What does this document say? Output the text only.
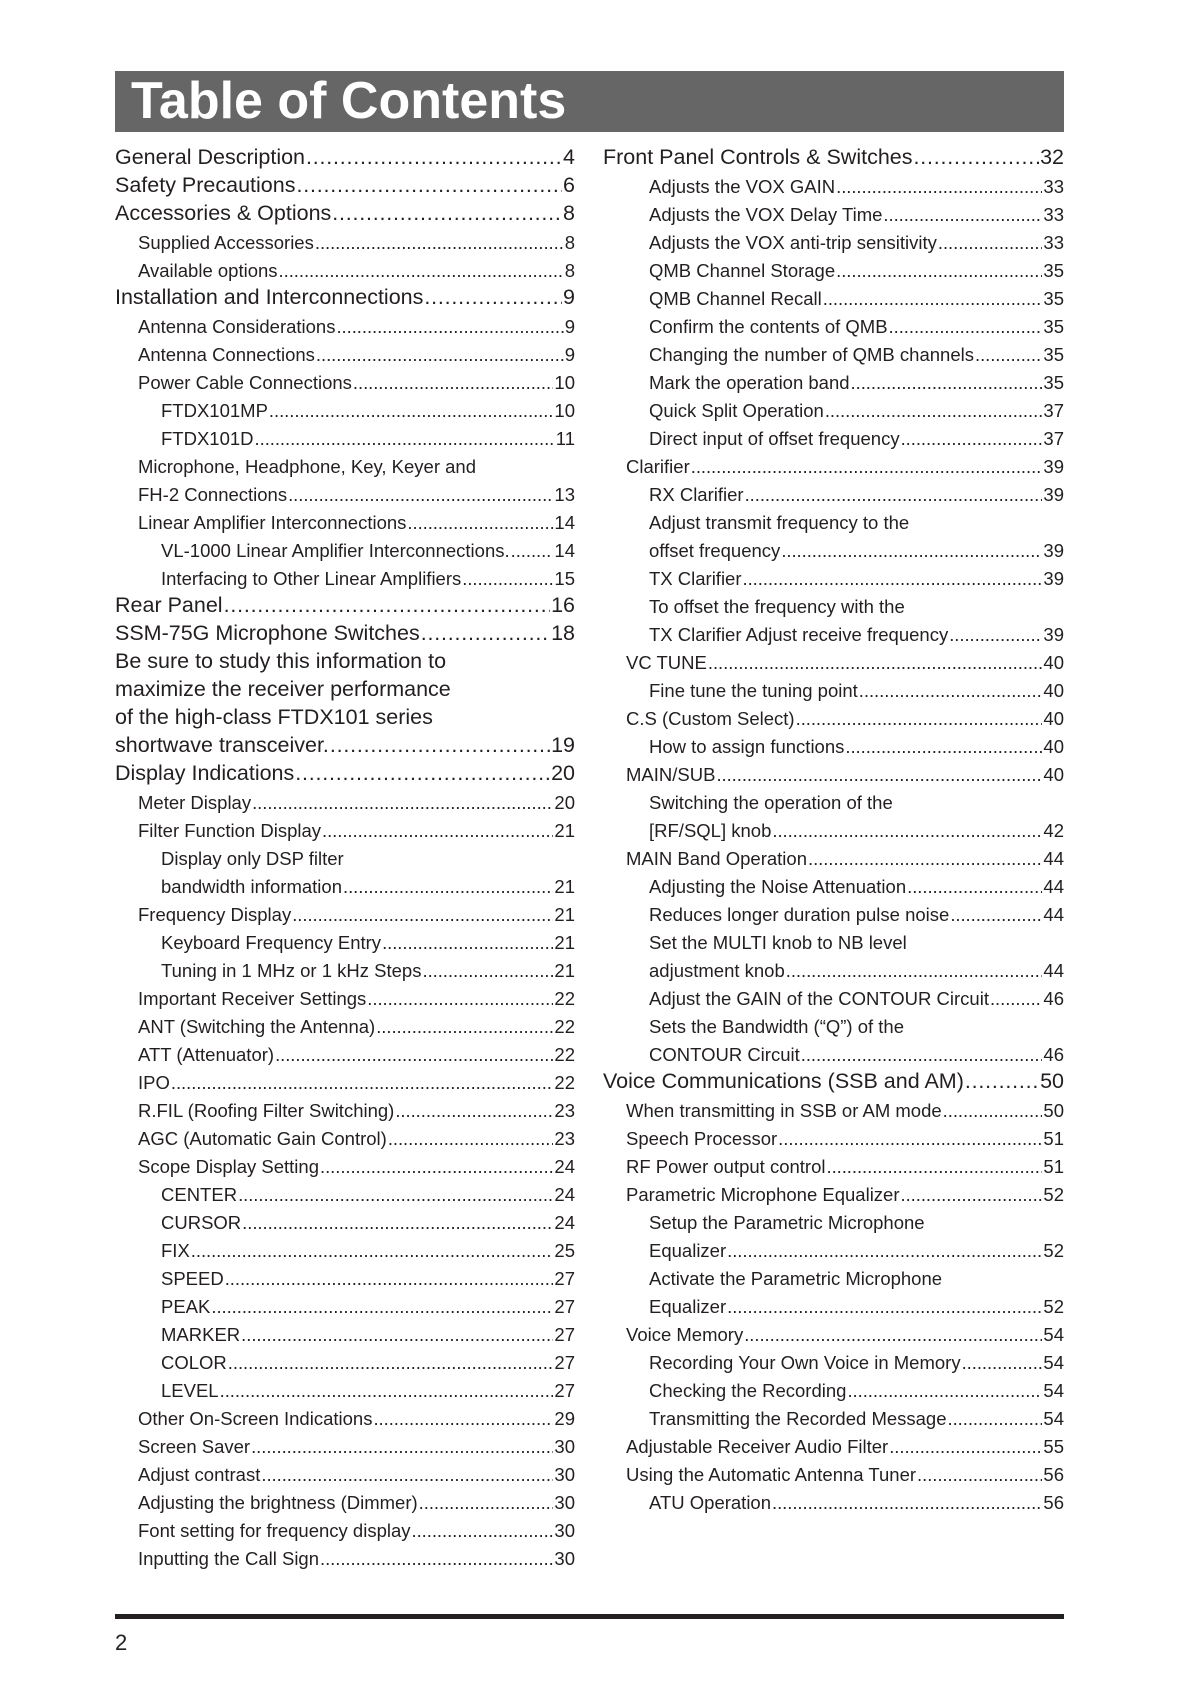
Table of Contents
General Description . . .	4
Safety Precautions . . .	6
Accessories & Options . . .	8
Supplied Accessories . . .	8
Available options . . .	8
Installation and Interconnections . . .	9
Antenna Considerations . . .	9
Antenna Connections . . .	9
Power Cable Connections . . .	10
FTDX101MP . . .	10
FTDX101D . . .	11
Microphone, Headphone, Key, Keyer and
FH-2 Connections . . .	13
Linear Amplifier Interconnections . . .	14
VL-1000 Linear Amplifier Interconnections. . . . 14
Interfacing to Other Linear Amplifiers . . .	15
Rear Panel . . .	16
SSM-75G Microphone Switches . . .	18
Be sure to study this information to
maximize the receiver performance
of the high-class FTDX101 series
shortwave transceiver. . . .	19
Display Indications . . .	20
Meter Display . . .	20
Filter Function Display . . .	21
Display only DSP filter
bandwidth information . . .	21
Frequency Display . . .	21
Keyboard Frequency Entry . . .	21
Tuning in 1 MHz or 1 kHz Steps . . .	21
Important Receiver Settings . . .	22
ANT (Switching the Antenna) . . .	22
ATT (Attenuator) . . .	22
IPO . . .	22
R.FIL (Roofing Filter Switching) . . .	23
AGC (Automatic Gain Control) . . .	23
Scope Display Setting . . .	24
CENTER . . .	24
CURSOR . . .	24
FIX . . .	25
SPEED . . .	27
PEAK . . .	27
MARKER . . .	27
COLOR . . .	27
LEVEL . . .	27
Other On-Screen Indications . . .	29
Screen Saver . . .	30
Adjust contrast . . .	30
Adjusting the brightness (Dimmer) . . .	30
Font setting for frequency display . . .	30
Inputting the Call Sign . . .	30
Front Panel Controls & Switches . . .	32
Adjusts the VOX GAIN . . .	33
Adjusts the VOX Delay Time . . .	33
Adjusts the VOX anti-trip sensitivity . . .	33
QMB Channel Storage . . .	35
QMB Channel Recall . . .	35
Confirm the contents of QMB . . .	35
Changing the number of QMB channels . . .	35
Mark the operation band . . .	35
Quick Split Operation . . .	37
Direct input of offset frequency . . .	37
Clarifier . . .	39
RX Clarifier . . .	39
Adjust transmit frequency to the
offset frequency . . .	39
TX Clarifier . . .	39
To offset the frequency with the
TX Clarifier Adjust receive frequency . . .	39
VC TUNE . . .	40
Fine tune the tuning point . . .	40
C.S (Custom Select) . . .	40
How to assign functions . . .	40
MAIN/SUB . . .	40
Switching the operation of the
[RF/SQL] knob . . .	42
MAIN Band Operation . . .	44
Adjusting the Noise Attenuation . . .	44
Reduces longer duration pulse noise . . .	44
Set the MULTI knob to NB level
adjustment knob . . .	44
Adjust the GAIN of the CONTOUR Circuit . . .	46
Sets the Bandwidth (“Q”) of the
CONTOUR Circuit . . .	46
Voice Communications (SSB and AM) . . .	50
When transmitting in SSB or AM mode . . .	50
Speech Processor . . .	51
RF Power output control . . .	51
Parametric Microphone Equalizer . . .	52
Setup the Parametric Microphone
Equalizer . . .	52
Activate the Parametric Microphone
Equalizer . . .	52
Voice Memory . . .	54
Recording Your Own Voice in Memory . . .	54
Checking the Recording . . .	54
Transmitting the Recorded Message . . .	54
Adjustable Receiver Audio Filter . . .	55
Using the Automatic Antenna Tuner . . .	56
ATU Operation . . .	56
2
